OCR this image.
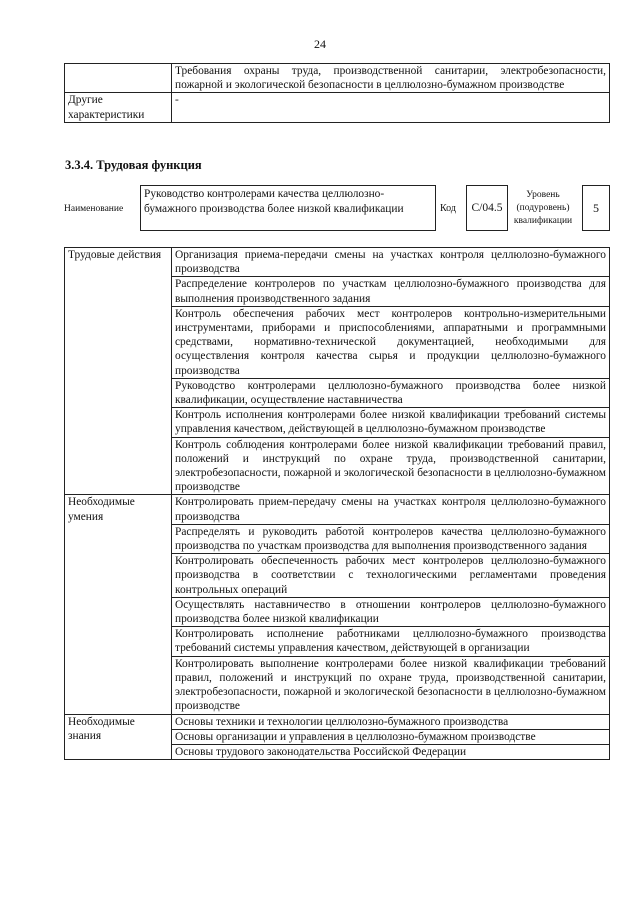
24
	Требования охраны труда, производственной санитарии, электробезопасности, пожарной и экологической безопасности в целлюлозно-бумажном производстве
Другие характеристики	-
3.3.4. Трудовая функция
Наименование
Руководство контролерами качества целлюлозно-бумажного производства более низкой квалификации	Код	С/04.5
Уровень (подуровень) квалификации
5
Трудовые действия	Организация приема-передачи смены на участках контроля целлюлозно-бумажного производства
	Распределение контролеров по участкам целлюлозно-бумажного производства для выполнения производственного задания
	Контроль обеспечения рабочих мест контролеров контрольно-измерительными инструментами, приборами и приспособлениями, аппаратными и программными средствами, нормативно-технической документацией, необходимыми для осуществления контроля качества сырья и продукции целлюлозно-бумажного производства
	Руководство контролерами целлюлозно-бумажного производства более низкой квалификации, осуществление наставничества
	Контроль исполнения контролерами более низкой квалификации требований системы управления качеством, действующей в целлюлозно-бумажном производстве
	Контроль соблюдения контролерами более низкой квалификации требований правил, положений и инструкций по охране труда, производственной санитарии, электробезопасности, пожарной и экологической безопасности в целлюлозно-бумажном производстве
Необходимые умения	Контролировать прием-передачу смены на участках контроля целлюлозно-бумажного производства
	Распределять и руководить работой контролеров качества целлюлозно-бумажного производства по участкам производства для выполнения производственного задания
	Контролировать обеспеченность рабочих мест контролеров целлюлозно-бумажного производства в соответствии с технологическими регламентами проведения контрольных операций
	Осуществлять наставничество в отношении контролеров целлюлозно-бумажного производства более низкой квалификации
	Контролировать исполнение работниками целлюлозно-бумажного производства требований системы управления качеством, действующей в организации
	Контролировать выполнение контролерами более низкой квалификации требований правил, положений и инструкций по охране труда, производственной санитарии, электробезопасности, пожарной и экологической безопасности в целлюлозно-бумажном производстве
Необходимые знания	Основы техники и технологии целлюлозно-бумажного производства
	Основы организации и управления в целлюлозно-бумажном производстве
	Основы трудового законодательства Российской Федерации
